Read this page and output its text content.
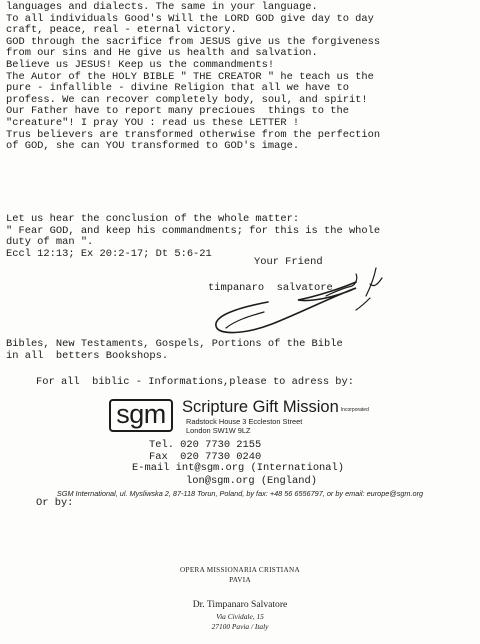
languages and dialects. The same in your language.
To all individuals Good's Will the LORD GOD give day to day
craft, peace, real - eternal victory.
GOD through the sacrifice from JESUS give us the forgiveness
from our sins and He give us health and salvation.
Believe us JESUS! Keep us the commandments!
The Autor of the HOLY BIBLE " THE CREATOR " he teach us the
pure - infallible - divine Religion that all we have to
profess. We can recover completely body, soul, and spirit!
Our Father have to report many precioues  things to the
"creature"! I pray YOU : read us these LETTER !
Trus believers are transformed otherwise from the perfection
of GOD, she can YOU transformed to GOD's image.
Let us hear the conclusion of the whole matter:
" Fear GOD, and keep his commandments; for this is the whole
duty of man ".
Eccl 12:13; Ex 20:2-17; Dt 5:6-21
Your Friend
timpanaro  salvatore
Bibles, New Testaments, Gospels, Portions of the Bible
in all  betters Bookshops.
For all  biblic - Informations,please to adress by:
sgm Scripture Gift Mission Incorporated
Radstock House 3 Eccleston Street
London SW1W 9LZ
Tel. 020 7730 2155
Fax  020 7730 0240
E-mail int@sgm.org (International)
lon@sgm.org (England)
SGM International, ul. Mysliwska 2, 87-118 Torun, Poland, by fax: +48 56 6556797, or by email: europe@sgm.org
Or by:
OPERA MISSIONARIA CRISTIANA
PAVIA
Dr. Timpanaro Salvatore
Via Cividale, 15
27100 Pavia / Italy
